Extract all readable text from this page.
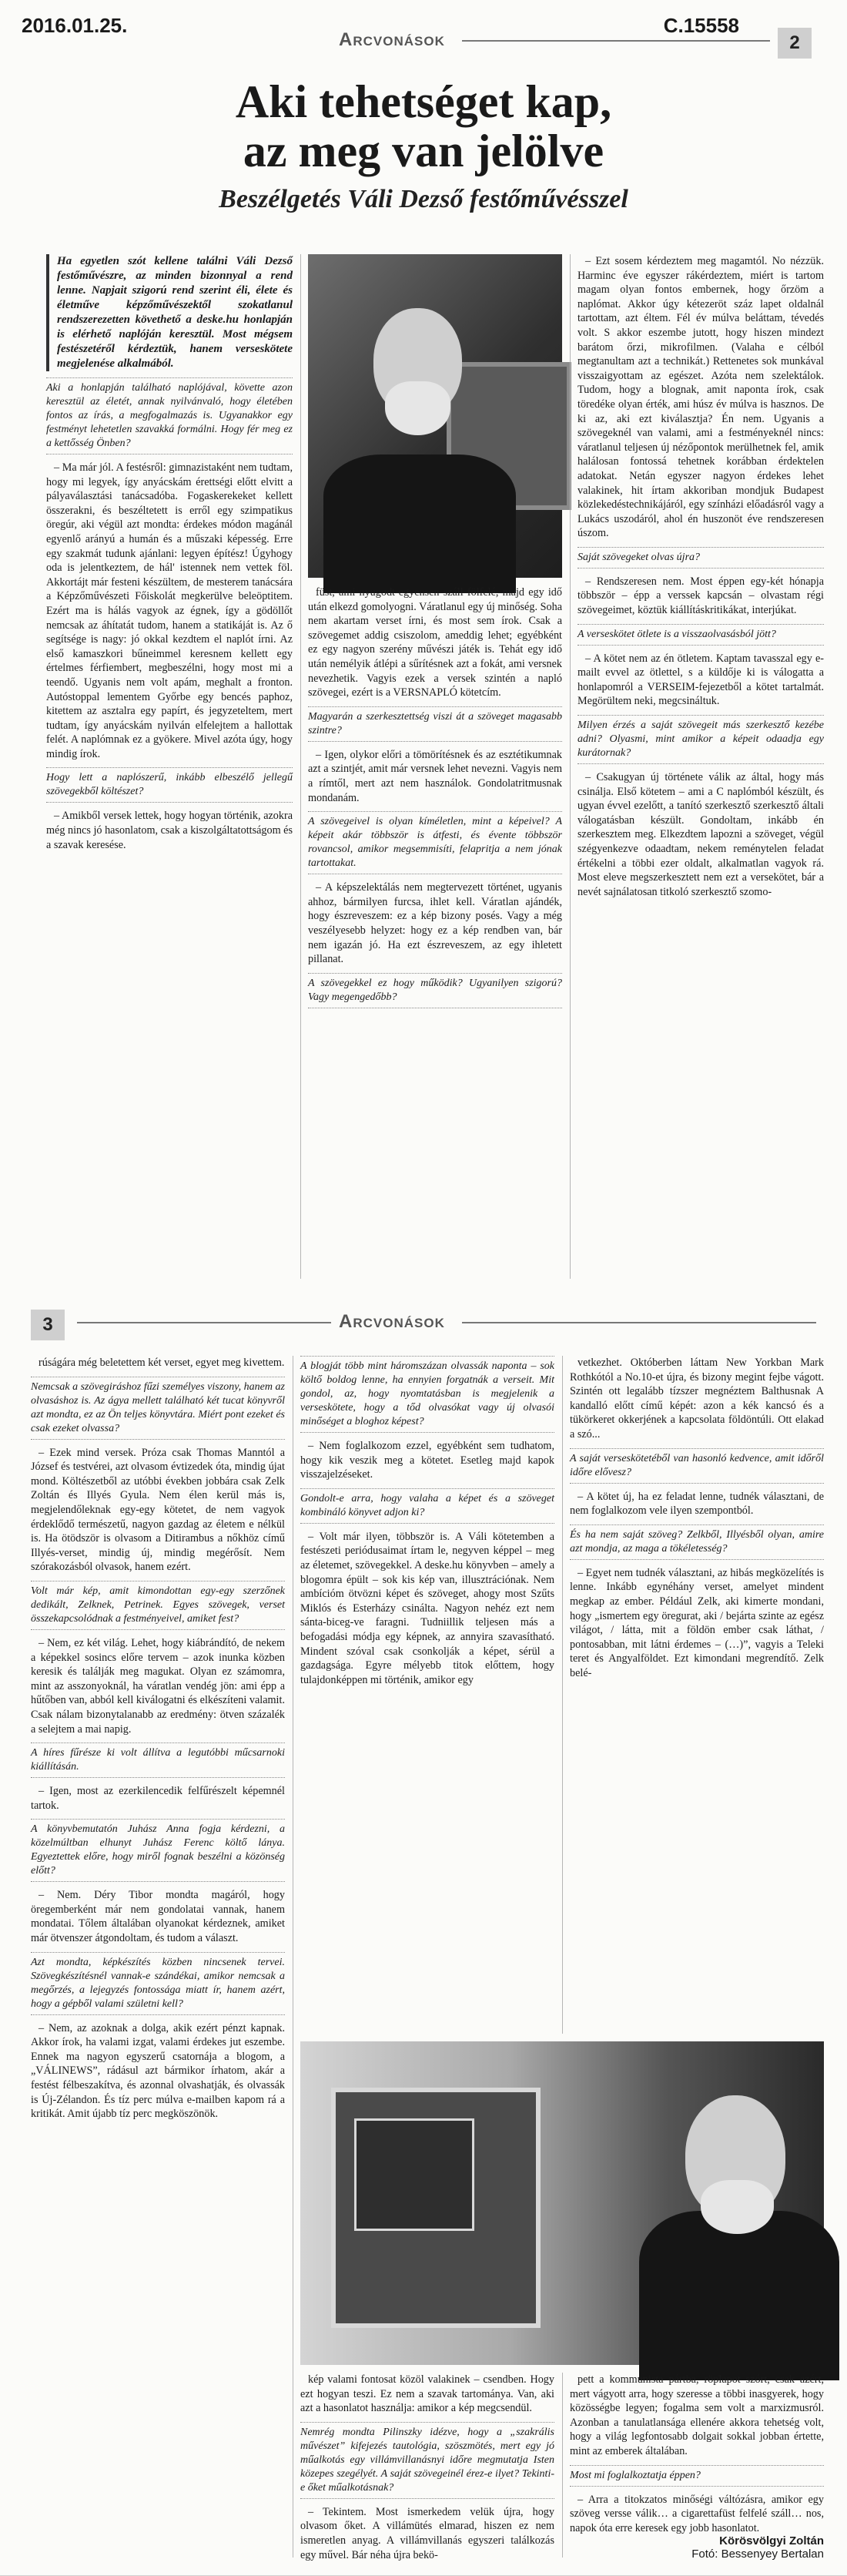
2016.01.25.	C.15558
Arcvonások	2
Aki tehetséget kap,
az meg van jelölve
Beszélgetés Váli Dezső festőművésszel
Ha egyetlen szót kellene találni Váli Dezső festőművészre, az minden bizonnyal a rend lenne. Napjait szigorú rend szerint éli, élete és életműve képzőművészektől szokatlanul rendszerezetten követhető a deske.hu honlapján is elérhető naplóján keresztül. Most mégsem festészetéről kérdeztük, hanem verseskötete megjelenése alkalmából.
Aki a honlapján található naplójával, követte azon keresztül az életét, annak nyilvánvaló, hogy életében fontos az írás, a megfogalmazás is. Ugyanakkor egy festményt lehetetlen szavakká formálni. Hogy fér meg ez a kettősség Önben?

– Ma már jól. A festésről: gimnazistaként nem tudtam, hogy mi legyek, így anyácskám érettségi előtt elvitt a pályaválasztási tanácsadóba. Fogaskerekeket kellett összerakni, és beszéltetett is erről egy szimpatikus öregúr, aki végül azt mondta: érdekes módon magánál egyenlő arányú a humán és a műszaki képesség. Erre egy szakmát tudunk ajánlani: legyen építész! Úgyhogy oda is jelentkeztem, de hál' istennek nem vettek föl. Akkortájt már festeni készültem, de mesterem tanácsára a Képzőművészeti Főiskolát megkerülve beleöptitem. Ezért ma is hálás vagyok az égnek, így a gödöllőt nemcsak az áhítatát tudom, hanem a statikáját is. Az ő segítsége is nagy: jó okkal kezdtem el naplót írni. Az első kamaszkori bűneimmel keresnem kellett egy értelmes férfiembert, megbeszélni, hogy most mi a teendő. Ugyanis nem volt apám, meghalt a fronton. Autóstoppal lementem Győrbe egy bencés paphoz, kitettem az asztalra egy papírt, és jegyzeteltem, mert tudtam, így anyácskám nyilván elfelejtem a hallottak felét. A naplómnak ez a gyökere. Mivel azóta úgy, hogy mindig írok.

Hogy lett a naplószerű, inkább elbeszélő jellegű szövegekből költészet?

– Amikből versek lettek, hogy hogyan történik, azokra még nincs jó hasonlatom, csak a kiszolgáltatottságom és a szavak keresése.

füst, ami nyugodt-egyensen száll fölfelé, majd egy idő után elkezd gomolyogni. Váratlanul egy új minőség. Soha nem akartam verset írni, és most sem írok. Csak a szövegemet addig csiszolom, ameddig lehet; egyébként ez egy nagyon szerény művészi játék is. Tehát egy idő után nemélyik átlépi a sűrítésnek azt a fokát, ami versnek nevezhetik. Vagyis ezek a versek szintén a napló szövegei, ezért is a VERSNAPLÓ kötetcím.

Magyarán a szerkesztettség viszi át a szöveget magasabb szintre?

– Igen, olykor előri a tömörítésnek és az esztétikumnak azt a szintjét, amit már versnek lehet nevezni. Vagyis nem a rímtől, mert azt nem használok. Gondolatritmusnak mondanám.

A szövegeivel is olyan kíméletlen, mint a képeivel? A képeit akár többször is átfesti, és évente többször rovancsol, amikor megsemmisíti, felapritja a nem jónak tartottakat.

– A képszelektálás nem megtervezett történet, ugyanis ahhoz, bármilyen furcsa, ihlet kell. Váratlan ajándék, hogy észreveszem: ez a kép bizony posés. Vagy a még veszélyesebb helyzet: hogy ez a kép rendben van, bár nem igazán jó. Ha ezt észreveszem, az egy ihletett pillanat.

A szövegekkel ez hogy működik? Ugyanilyen szigorú? Vagy megengedőbb?

– Ezt sosem kérdeztem meg magamtól. No nézzük. Harminc éve egyszer rákérdeztem, miért is tartom magam olyan fontos embernek, hogy őrzöm a naplómat. Akkor úgy kétezeröt száz lapet oldalnál tartottam, azt éltem. Fél év múlva beláttam, tévedés volt. S akkor eszembe jutott, hogy hiszen mindezt barátom őrzi, mikrofilmen. (Valaha e célból megtanultam azt a technikát.) Rettenetes sok munkával visszaigyottam az egészet. Azóta nem szelektálok. Tudom, hogy a blognak, amit naponta írok, csak töredéke olyan érték, ami húsz év múlva is hasznos. De ki az, aki ezt kiválasztja? Én nem. Ugyanis a szövegeknél van valami, ami a festményeknél nincs: váratlanul teljesen új nézőpontok merülhetnek fel, amik halálosan fontossá tehetnek korábban érdektelen adatokat. Netán egyszer nagyon érdekes lehet valakinek, hit írtam akkoriban mondjuk Budapest közlekedéstechnikájáról, egy színházi előadásról vagy a Lukács uszodáról, ahol én huszonöt éve rendszeresen úszom.

Saját szövegeket olvas újra?

– Rendszeresen nem. Most éppen egy-két hónapja többször – épp a verssek kapcsán – olvastam régi szövegeimet, köztük kiállításkritikákat, interjúkat.

A verseskötet ötlete is a visszaolvasásból jött?

– A kötet nem az én ötletem. Kaptam tavasszal egy e-mailt evvel az ötlettel, s a küldője ki is válogatta a honlapomról a VERSEIM-fejezetből a kötet tartalmát. Megörültem neki, megcsináltuk.

Milyen érzés a saját szövegeit más szerkesztő kezébe adni? Olyasmi, mint amikor a képeit odaadja egy kurátornak?

– Csakugyan új története válik az által, hogy más csinálja. Első kötetem – ami a C naplómból készült, és ugyan évvel ezelőtt, a tanító szerkesztő szerkesztő általi válogatásban készült. Gondoltam, inkább én szerkesztem meg. Elkezdtem lapozni a szöveget, végül szégyenkezve odaadtam, nekem reménytelen feladat értékelni a többi ezer oldalt, alkalmatlan vagyok rá. Most eleve megszerkesztett nem ezt a versekötet, bár a nevét sajnálatosan titkoló szerkesztő szomo-

3	Arcvonások

rúságára még beletettem két verset, egyet meg kivettem.

Nemcsak a szövegiráshoz fűzi személyes viszony, hanem az olvasáshoz is. Az ágya mellett található két tucat könyvről azt mondta, ez az Ön teljes könyvtára. Miért pont ezeket és csak ezeket olvassa?

– Ezek mind versek. Próza csak Thomas Manntól a József és testvérei, azt olvasom évtizedek óta, mindig újat mond. Költészetből az utóbbi években jobbára csak Zelk Zoltán és Illyés Gyula. Nem élen kerül más is, megjelendőleknak egy-egy kötetet, de nem vagyok érdeklődő természetű, nagyon gazdag az életem e nélkül is. Ha ötödször is olvasom a Ditirambus a nőkhöz című Illyés-verset, mindig új, mindig megérősít. Nem szórakozásból olvasok, hanem ezért.

Volt már kép, amit kimondottan egy-egy szerzőnek dedikált, Zelknek, Petrinek. Egyes szövegek, verset összekapcsolódnak a festményeivel, amiket fest?

– Nem, ez két világ. Lehet, hogy kiábrándító, de nekem a képekkel sosincs előre tervem – azok inunka közben keresik és találják meg magukat. Olyan ez számomra, mint az asszonyoknál, ha váratlan vendég jön: ami épp a hűtőben van, abból kell kiválogatni és elkészíteni valamit. Csak nálam bizonytalanabb az eredmény: ötven százalék a selejtem a mai napig.

A híres fűrésze ki volt állítva a legutóbbi műcsarnoki kiállításán.

– Igen, most az ezerkilencedik felfűrészelt képemnél tartok.

A könyvbemutatón Juhász Anna fogja kérdezni, a közelmúltban elhunyt Juhász Ferenc költő lánya. Egyeztettek előre, hogy miről fognak beszélni a közönség előtt?

– Nem. Déry Tibor mondta magáról, hogy öregemberként már nem gondolatai vannak, hanem mondatai. Tőlem általában olyanokat kérdeznek, amiket már ötvenszer átgondoltam, és tudom a választ.

Azt mondta, képkészítés közben nincsenek tervei. Szövegkészítésnél vannak-e szándékai, amikor nemcsak a megőrzés, a lejegyzés fontossága miatt ír, hanem azért, hogy a gépből valami születni kell?

– Nem, az azoknak a dolga, akik ezért pénzt kapnak. Akkor írok, ha valami izgat, valami érdekes jut eszembe. Ennek ma nagyon egyszerű csatornája a blogom, a „VÁLINEWS”, rádásul azt bármikor írhatom, akár a festést félbeszakítva, és azonnal olvashatják, és olvassák is Új-Zélandon. És tíz perc múlva e-mailben kapom rá a kritikát. Amit újabb tíz perc megköszönök.

A blogját több mint háromszázan olvassák naponta – sok költő boldog lenne, ha ennyien forgatnák a verseit. Mit gondol, az, hogy nyomtatásban is megjelenik a verseskötete, hogy a tőd olvasókat vagy új olvasói minőséget a bloghoz képest?

– Nem foglalkozom ezzel, egyébként sem tudhatom, hogy kik veszik meg a kötetet. Esetleg majd kapok visszajelzéseket.

Gondolt-e arra, hogy valaha a képet és a szöveget kombináló könyvet adjon ki?

– Volt már ilyen, többször is. A Váli kötetemben a festészeti periódusaimat írtam le, negyven képpel – meg az életemet, szövegekkel. A deske.hu könyvben – amely a blogomra épült – sok kis kép van, illusztrációnak. Nem ambícióm ötvözni képet és szöveget, ahogy most Szűts Miklós és Esterházy csinálta. Nagyon nehéz ezt nem sánta-biceg-ve faragni. Tudniillik teljesen más a befogadási módja egy képnek, az annyira szavasítható. Mindent szóval csak csonkolják a képet, sérül a gazdagsága. Egyre mélyebb titok előttem, hogy tulajdonképpen mi történik, amikor egy

vetkezhet. Októberben láttam New Yorkban Mark Rothkótól a No.10-et újra, és bizony megint fejbe vágott. Szintén ott legalább tízszer megnéztem Balthusnak A kandalló előtt című képét: azon a kék kancsó és a tükörkeret okkerjének a kapcsolata földöntúli. Ott elakad a szó...

A saját verseskötetéből van hasonló kedvence, amit időről időre elővesz?

– A kötet új, ha ez feladat lenne, tudnék választani, de nem foglalkozom vele ilyen szempontból.

És ha nem saját szöveg? Zelkből, Illyésből olyan, amire azt mondja, az maga a tökéletesség?

– Egyet nem tudnék választani, az hibás megközelítés is lenne. Inkább egynéhány verset, amelyet mindent megkap az ember. Például Zelk, aki kimerte mondani, hogy „ismertem egy öregurat, aki / bejárta szinte az egész világot, / látta, mit a földön ember csak láthat, / pontosabban, mit látni érdemes – (…)”, vagyis a Teleki teret és Angyalföldet. Ezt kimondani megrendítő. Zelk belé-

kép valami fontosat közöl valakinek – csendben. Hogy ezt hogyan teszi. Ez nem a szavak tartománya. Van, aki azt a hasonlatot használja: amikor a kép megcsendül.

Nemrég mondta Pilinszky idézve, hogy a „szakrális művészet” kifejezés tautológia, szöszmötés, mert egy jó műalkotás egy villámvillanásnyi időre megmutatja Isten közepes szegélyét. A saját szövegeinél érez-e ilyet? Tekinti-e őket műalkotásnak?

– Tekintem. Most ismerkedem velük újra, hogy olvasom őket. A villámütés elmarad, hiszen ez nem ismeretlen anyag. A villámvillanás egyszeri találkozás egy művel. Bár néha újra bekö-

pett a kommunista pártba, röplapot szórt, csak azért, mert vágyott arra, hogy szeresse a többi inasgyerek, hogy közösségbe legyen; fogalma sem volt a marxizmusról. Azonban a tanulatlansága ellenére akkora tehetség volt, hogy a világ legfontosabb dolgait sokkal jobban értette, mint az emberek általában.

Most mi foglalkoztatja éppen?

– Arra a titokzatos minőségi váltózásra, amikor egy szöveg versse válik… a cigarettafüst felfelé száll… nos, napok óta erre keresek egy jobb hasonlatot.

Körösvölgyi Zoltán
Fotó: Bessenyey Bertalan
